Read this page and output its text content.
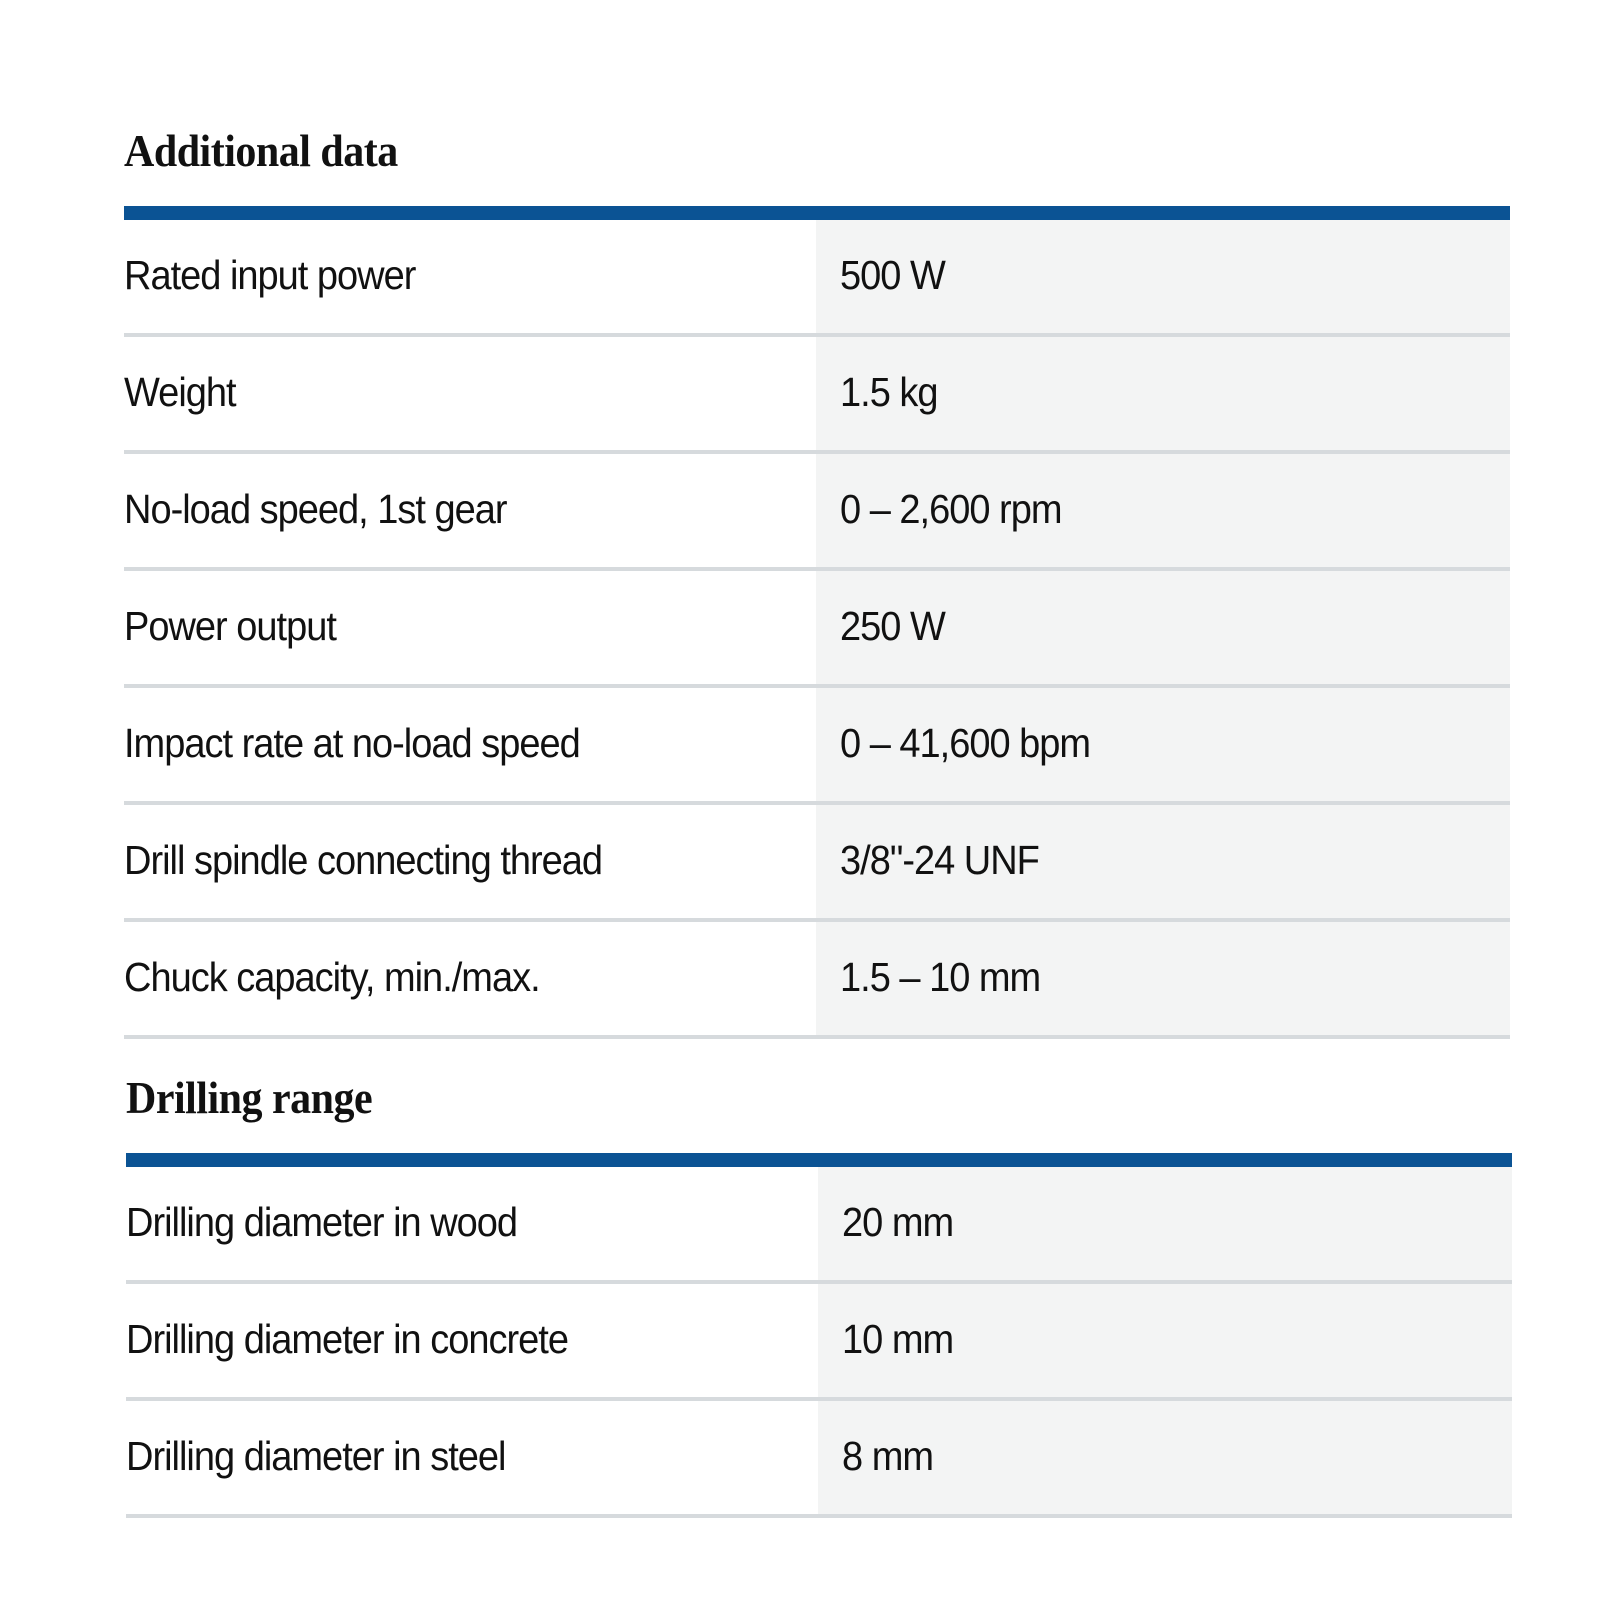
Additional data
Rated input power	500 W
Weight	1.5 kg
No-load speed, 1st gear	0 – 2,600 rpm
Power output	250 W
Impact rate at no-load speed	0 – 41,600 bpm
Drill spindle connecting thread	3/8"-24 UNF
Chuck capacity, min./max.	1.5 – 10 mm
Drilling range
Drilling diameter in wood	20 mm
Drilling diameter in concrete	10 mm
Drilling diameter in steel	8 mm
